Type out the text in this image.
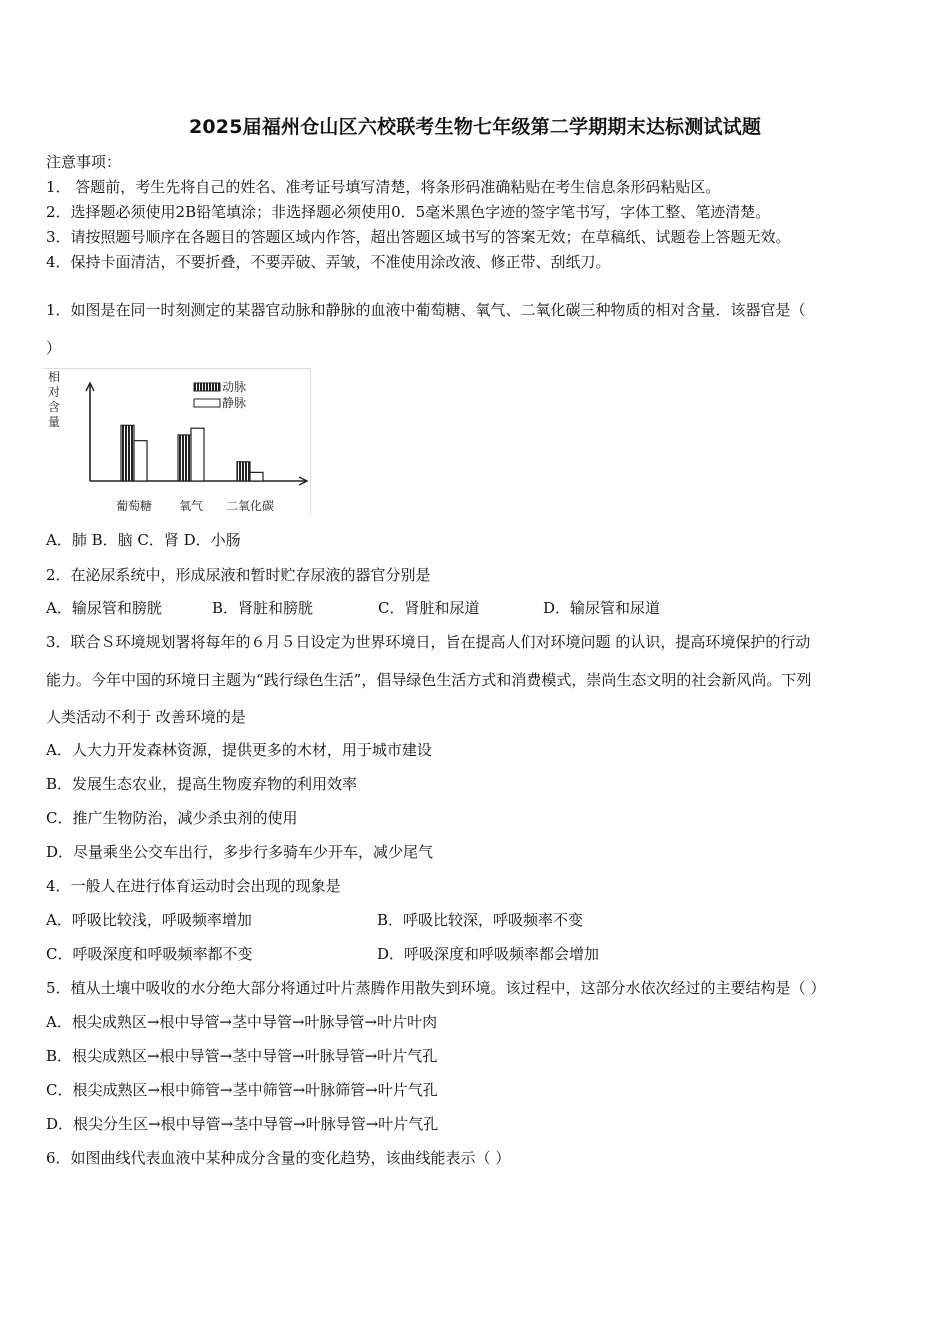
2025届福州仓山区六校联考生物七年级第二学期期末达标测试试题
注意事项：
1． 答题前，考生先将自己的姓名、准考证号填写清楚，将条形码准确粘贴在考生信息条形码粘贴区。
2．选择题必须使用2B铅笔填涂；非选择题必须使用0．5毫米黑色字迹的签字笔书写，字体工整、笔迹清楚。
3．请按照题号顺序在各题目的答题区域内作答，超出答题区域书写的答案无效；在草稿纸、试题卷上答题无效。
4．保持卡面清洁，不要折叠，不要弄破、弄皱，不准使用涂改液、修正带、刮纸刀。
1．如图是在同一时刻测定的某器官动脉和静脉的血液中葡萄糖、氧气、二氧化碳三种物质的相对含量．该器官是（
）
葡萄糖 氧气 二氧化碳
相
对
含
量
动脉
静脉
A．肺 B．脑 C．肾 D．小肠
2．在泌尿系统中，形成尿液和暂时贮存尿液的器官分别是
A．输尿管和膀胱	B．肾脏和膀胱	C．肾脏和尿道	D．输尿管和尿道
3．联合Ｓ环境规划署将每年的６月５日设定为世界环境日，旨在提高人们对环境问题 的认识，提高环境保护的行动
能力。今年中国的环境日主题为“践行绿色生活”，倡导绿色生活方式和消费模式，崇尚生态文明的社会新风尚。下列
人类活动不利于 改善环境的是
A．人大力开发森林资源，提供更多的木材，用于城市建设
B．发展生态农业，提高生物废弃物的利用效率
C．推广生物防治，减少杀虫剂的使用
D．尽量乘坐公交车出行，多步行多骑车少开车，减少尾气
4．一般人在进行体育运动时会出现的现象是
A．呼吸比较浅，呼吸频率增加	B．呼吸比较深，呼吸频率不变
C．呼吸深度和呼吸频率都不变	D．呼吸深度和呼吸频率都会增加
5．植从土壤中吸收的水分绝大部分将通过叶片蒸腾作用散失到环境。该过程中，这部分水依次经过的主要结构是（ ）
A．根尖成熟区→根中导管→茎中导管→叶脉导管→叶片叶肉
B．根尖成熟区→根中导管→茎中导管→叶脉导管→叶片气孔
C．根尖成熟区→根中筛管→茎中筛管→叶脉筛管→叶片气孔
D．根尖分生区→根中导管→茎中导管→叶脉导管→叶片气孔
6．如图曲线代表血液中某种成分含量的变化趋势，该曲线能表示（ ）
